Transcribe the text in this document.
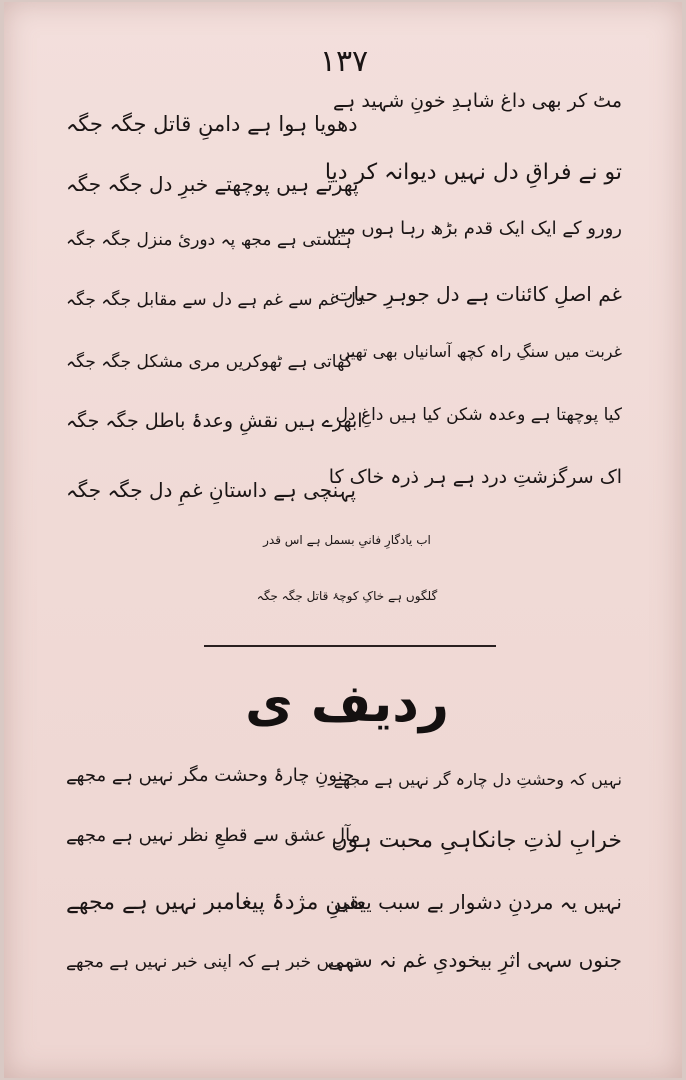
۱۳۷
مٹ کر بھی داغ شاہدِ خونِ شہید ہے
دھویا ہوا ہے دامنِ قاتل جگہ جگہ
تو نے فراقِ دل نہیں دیوانہ کر دیا
پھرتے ہیں پوچھتے خبرِ دل جگہ جگہ
رورو کے ایک ایک قدم بڑھ رہا ہوں میں
ہنستی ہے مجھ پہ دوریٔ منزل جگہ جگہ
غم اصلِ کائنات ہے دل جوہرِ حیات
دل غم سے غم ہے دل سے مقابل جگہ جگہ
غربت میں سنگِ راہ کچھ آسانیاں بھی تھیں
کھاتی ہے ٹھوکریں مری مشکل جگہ جگہ
کیا پوچھتا ہے وعدہ شکن کیا ہیں داغِ دل
ابھرے ہیں نقشِ وعدۂ باطل جگہ جگہ
اک سرگزشتِ درد ہے ہر ذرہ خاک کا
پہنچی ہے داستانِ غمِ دل جگہ جگہ
اب یادگارِ فانیِ بسمل ہے اس قدر
گلگوں ہے خاکِ کوچۂ قاتل جگہ جگہ
ردیف ی
نہیں کہ وحشتِ دل چارہ گر نہیں ہے مجھے
جنونِ چارۂ وحشت مگر نہیں ہے مجھے
خرابِ لذتِ جانکاہیِ محبت ہوں
مآلِ عشق سے قطعِ نظر نہیں ہے مجھے
نہیں یہ مردنِ دشوار بے سبب یعنی
یقینِ مژدۂ پیغامبر نہیں ہے مجھے
جنوں سہی اثرِ بیخودیِ غم نہ سہی
تمہیں خبر ہے کہ اپنی خبر نہیں ہے مجھے
